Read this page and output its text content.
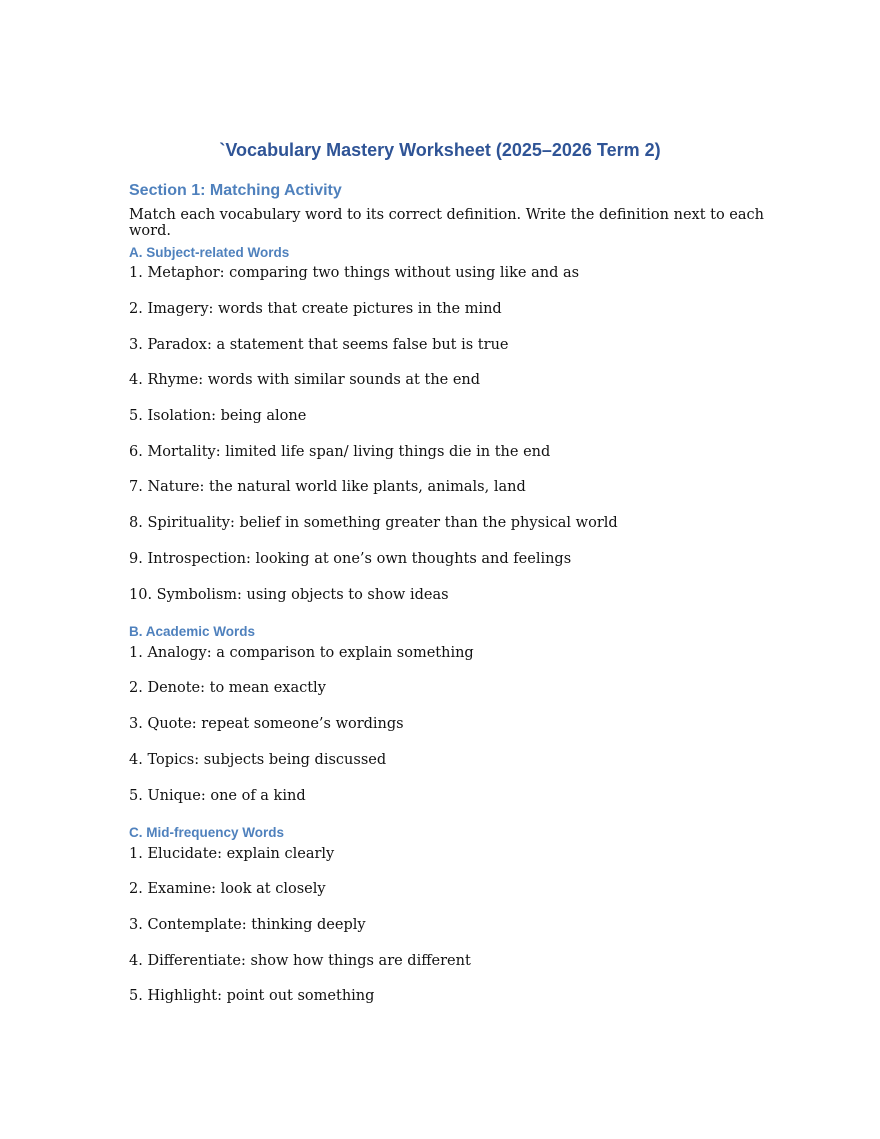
`Vocabulary Mastery Worksheet (2025–2026 Term 2)
Section 1: Matching Activity

Match each vocabulary word to its correct definition. Write the definition next to each word.

A. Subject-related Words

1. Metaphor: comparing two things without using like and as

2. Imagery: words that create pictures in the mind

3. Paradox: a statement that seems false but is true

4. Rhyme: words with similar sounds at the end

5. Isolation: being alone

6. Mortality: limited life span/ living things die in the end

7. Nature: the natural world like plants, animals, land

8. Spirituality: belief in something greater than the physical world

9. Introspection: looking at one’s own thoughts and feelings

10. Symbolism: using objects to show ideas

B. Academic Words

1. Analogy: a comparison to explain something

2. Denote: to mean exactly

3. Quote: repeat someone’s wordings

4. Topics: subjects being discussed

5. Unique: one of a kind

C. Mid-frequency Words

1. Elucidate: explain clearly

2. Examine: look at closely

3. Contemplate: thinking deeply

4. Differentiate: show how things are different

5. Highlight: point out something
